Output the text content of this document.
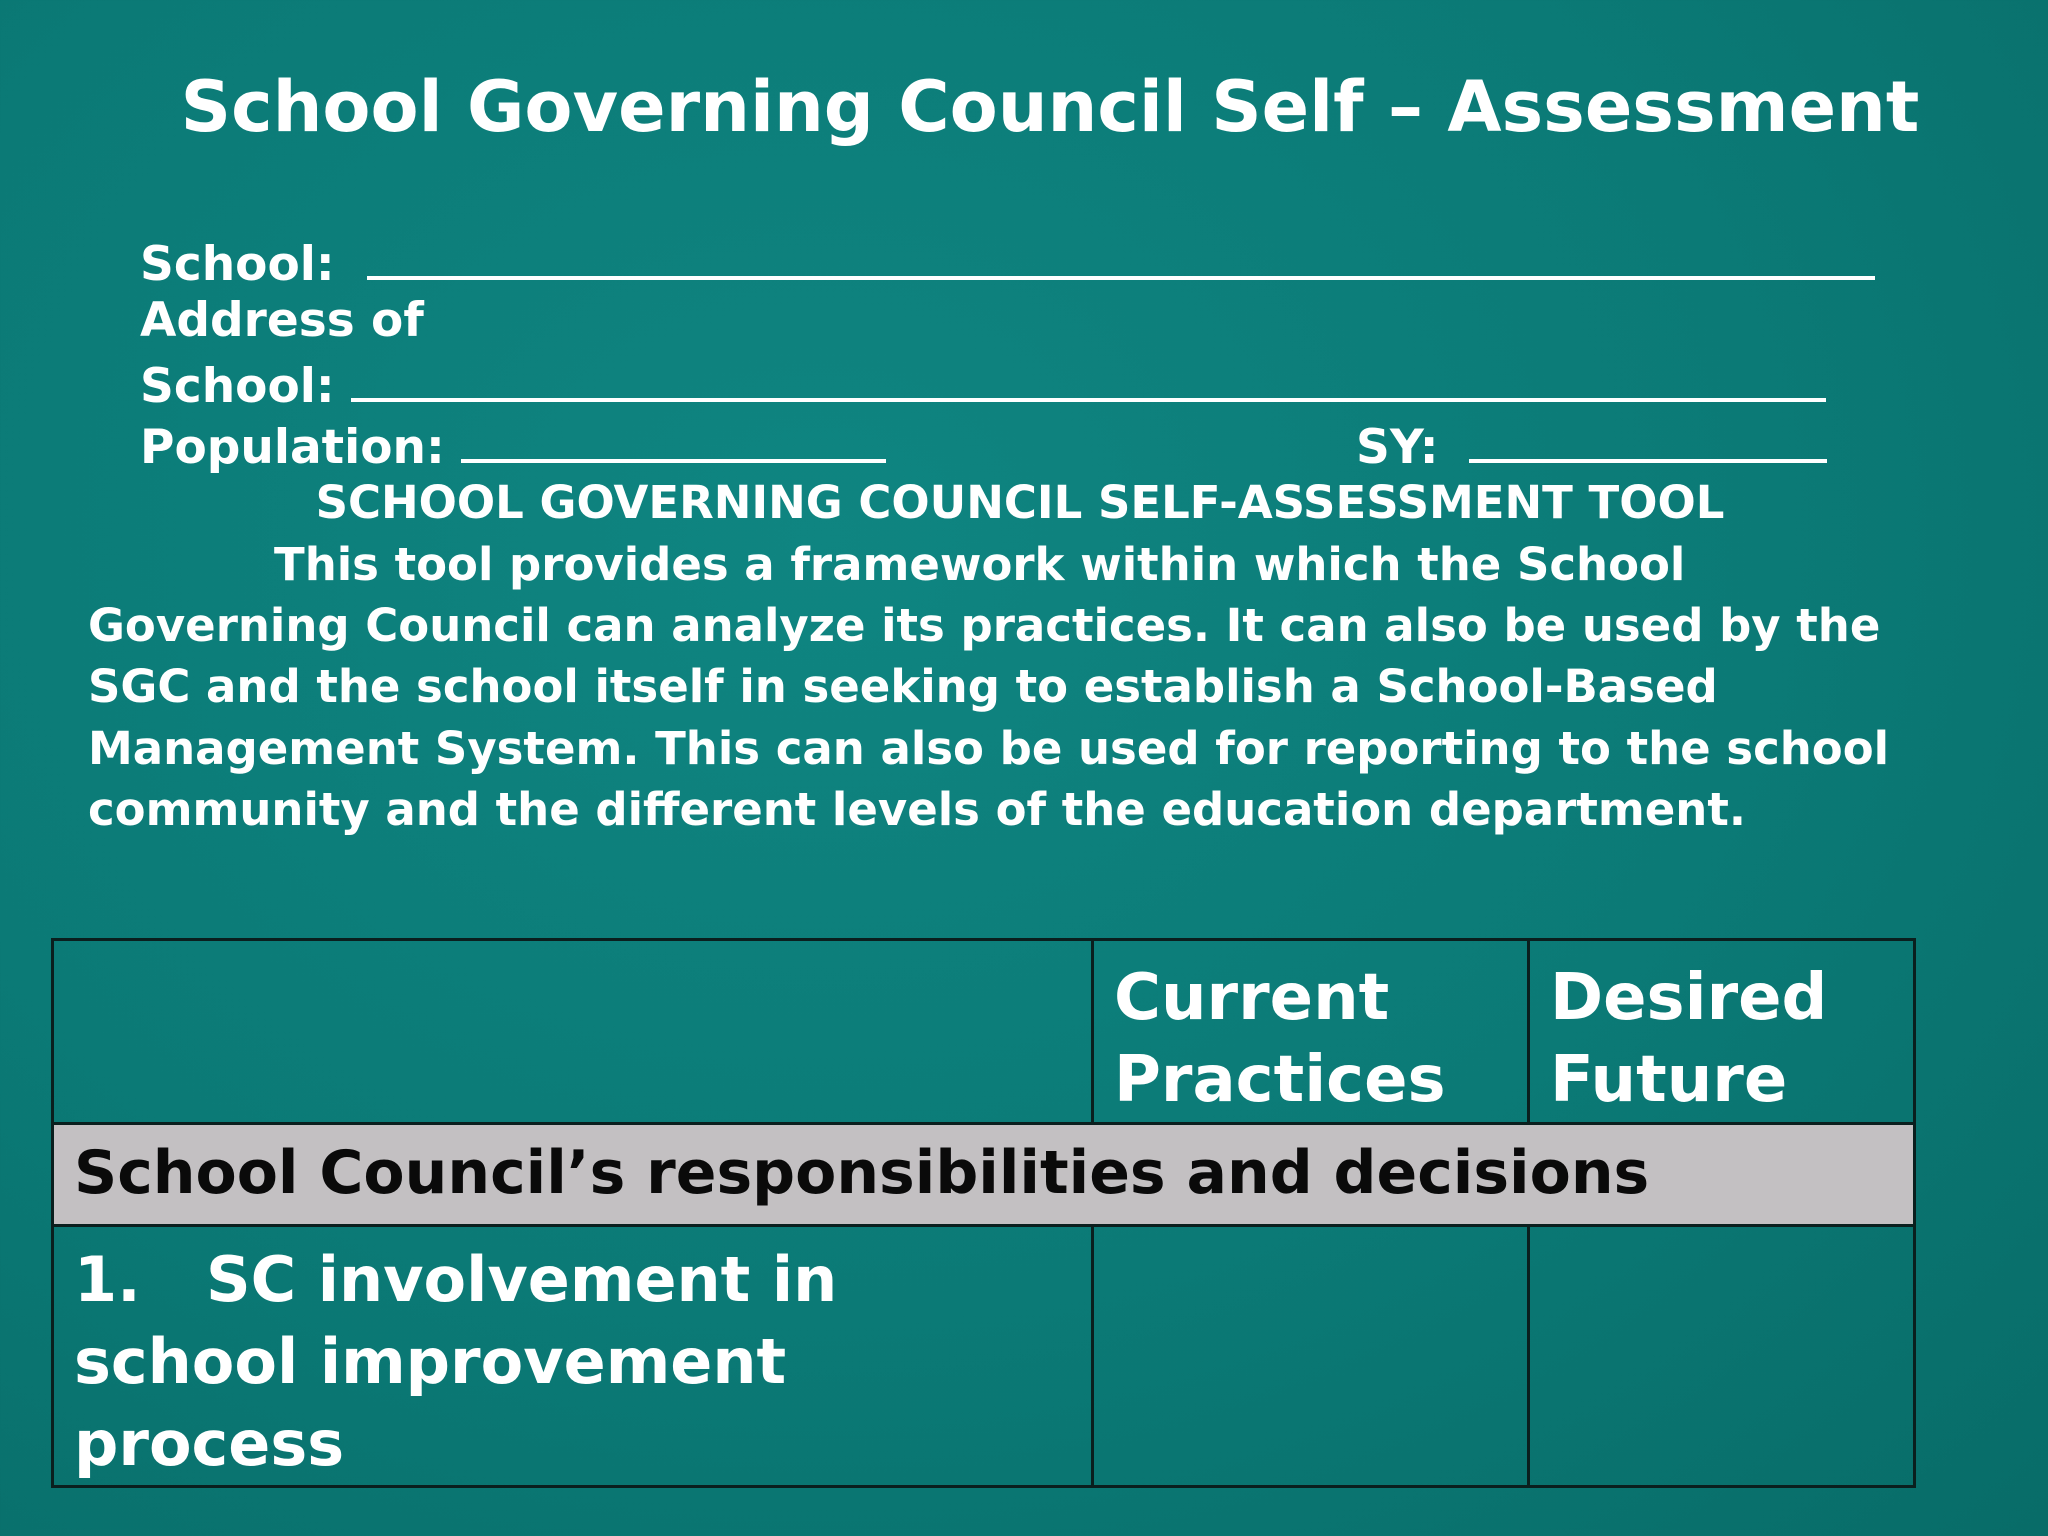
School Governing Council Self – Assessment
School:
Address of
School:
Population:	SY:
SCHOOL GOVERNING COUNCIL SELF-ASSESSMENT TOOL
This tool provides a framework within which the School
Governing Council can analyze its practices. It can also be used by the
SGC and the school itself in seeking to establish a School-Based
Management System. This can also be used for reporting to the school
community and the different levels of the education department.
	Current Practices	Desired Future
School Council’s responsibilities and decisions		
1. SC involvement in school improvement process		
